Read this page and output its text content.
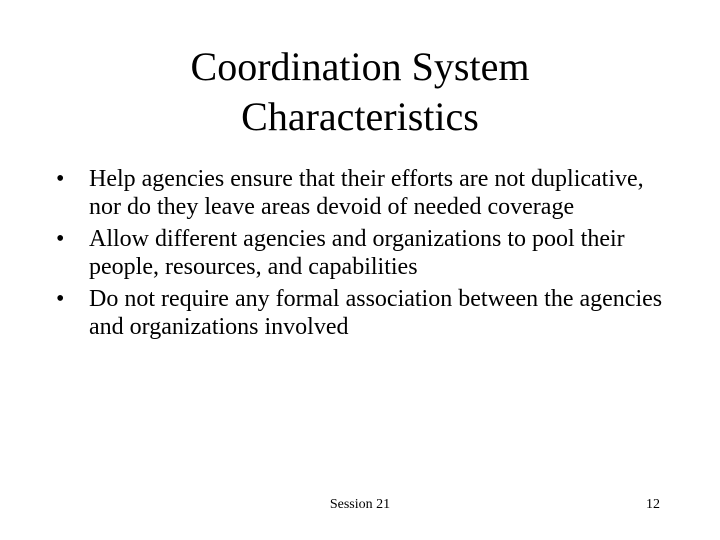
Coordination System
Characteristics
•	Help agencies ensure that their efforts are not duplicative, nor do they leave areas devoid of needed coverage
•	Allow different agencies and organizations to pool their people, resources, and capabilities
•	Do not require any formal association between the agencies and organizations involved
Session 21	12
